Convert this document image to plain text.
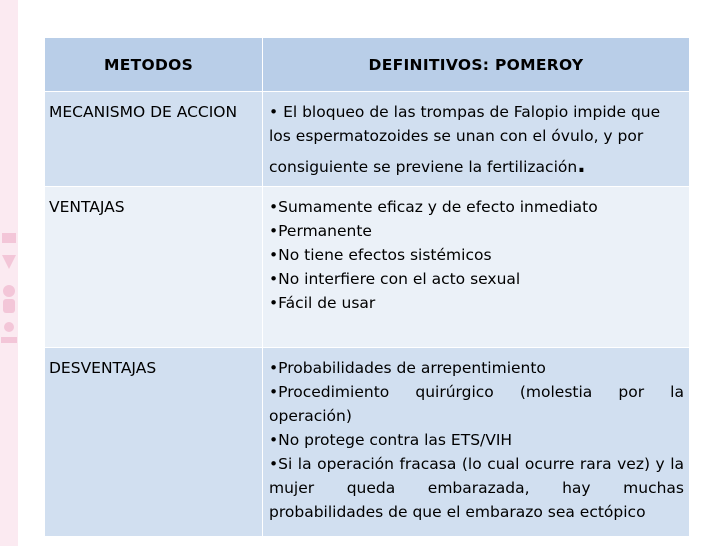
METODOS	DEFINITIVOS: POMEROY
MECANISMO DE ACCION	• El bloqueo de las trompas de Falopio impide que
los espermatozoides se unan con el óvulo, y por
consiguiente se previene la fertilización.

VENTAJAS	•Sumamente eficaz y de efecto inmediato
•Permanente
•No tiene efectos sistémicos
•No interfiere con el acto sexual
•Fácil de usar

DESVENTAJAS	•Probabilidades de arrepentimiento
•Procedimiento quirúrgico (molestia por la operación)
•No protege contra las ETS/VIH
•Si la operación fracasa (lo cual ocurre rara vez) y la mujer queda embarazada, hay muchas probabilidades de que el embarazo sea ectópico
